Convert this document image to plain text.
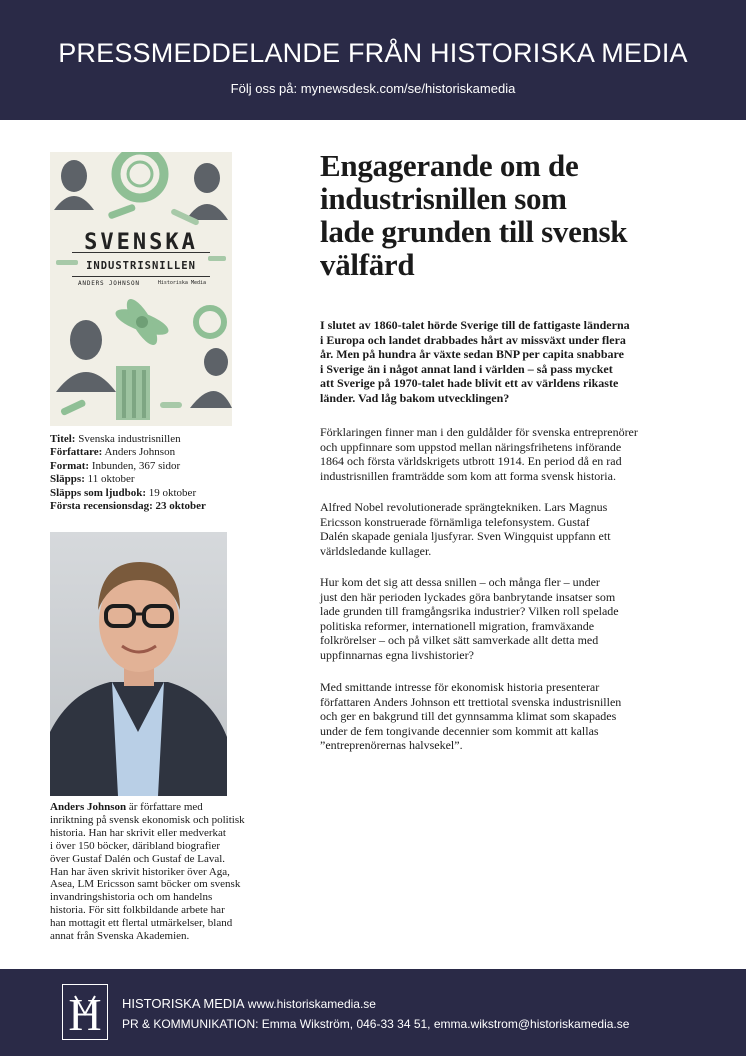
PRESSMEDDELANDE FRÅN HISTORISKA MEDIA
Följ oss på: mynewsdesk.com/se/historiskamedia
SVENSKA
INDUSTRISNILLEN
ANDERS JOHNSON	Historiska Media
Titel: Svenska industrisnillen
Författare: Anders Johnson
Format: Inbunden, 367 sidor
Släpps: 11 oktober
Släpps som ljudbok: 19 oktober
Första recensionsdag: 23 oktober
Anders Johnson är författare med
inriktning på svensk ekonomisk och politisk
historia. Han har skrivit eller medverkat
i över 150 böcker, däribland biografier
över Gustaf Dalén och Gustaf de Laval.
Han har även skrivit historiker över Aga,
Asea, LM Ericsson samt böcker om svensk
invandringshistoria och om handelns
historia. För sitt folkbildande arbete har
han mottagit ett flertal utmärkelser, bland
annat från Svenska Akademien.
Engagerande om de
industrisnillen som
lade grunden till svensk
välfärd
I slutet av 1860-talet hörde Sverige till de fattigaste länderna
i Europa och landet drabbades hårt av missväxt under flera
år. Men på hundra år växte sedan BNP per capita snabbare
i Sverige än i något annat land i världen – så pass mycket
att Sverige på 1970-talet hade blivit ett av världens rikaste
länder. Vad låg bakom utvecklingen?
Förklaringen finner man i den guldålder för svenska entreprenörer
och uppfinnare som uppstod mellan näringsfrihetens införande
1864 och första världskrigets utbrott 1914. En period då en rad
industrisnillen framträdde som kom att forma svensk historia.
Alfred Nobel revolutionerade sprängtekniken. Lars Magnus
Ericsson konstruerade förnämliga telefonsystem. Gustaf
Dalén skapade geniala ljusfyrar. Sven Wingquist uppfann ett
världsledande kullager.
Hur kom det sig att dessa snillen – och många fler – under
just den här perioden lyckades göra banbrytande insatser som
lade grunden till framgångsrika industrier? Vilken roll spelade
politiska reformer, internationell migration, framväxande
folkrörelser – och på vilket sätt samverkade allt detta med
uppfinnarnas egna livshistorier?
Med smittande intresse för ekonomisk historia presenterar
författaren Anders Johnson ett trettiotal svenska industrisnillen
och ger en bakgrund till det gynnsamma klimat som skapades
under de fem tongivande decennier som kommit att kallas
”entreprenörernas halvsekel”.
H HISTORISKA MEDIA www.historiskamedia.se
PR & KOMMUNIKATION: Emma Wikström, 046-33 34 51, emma.wikstrom@historiskamedia.se
